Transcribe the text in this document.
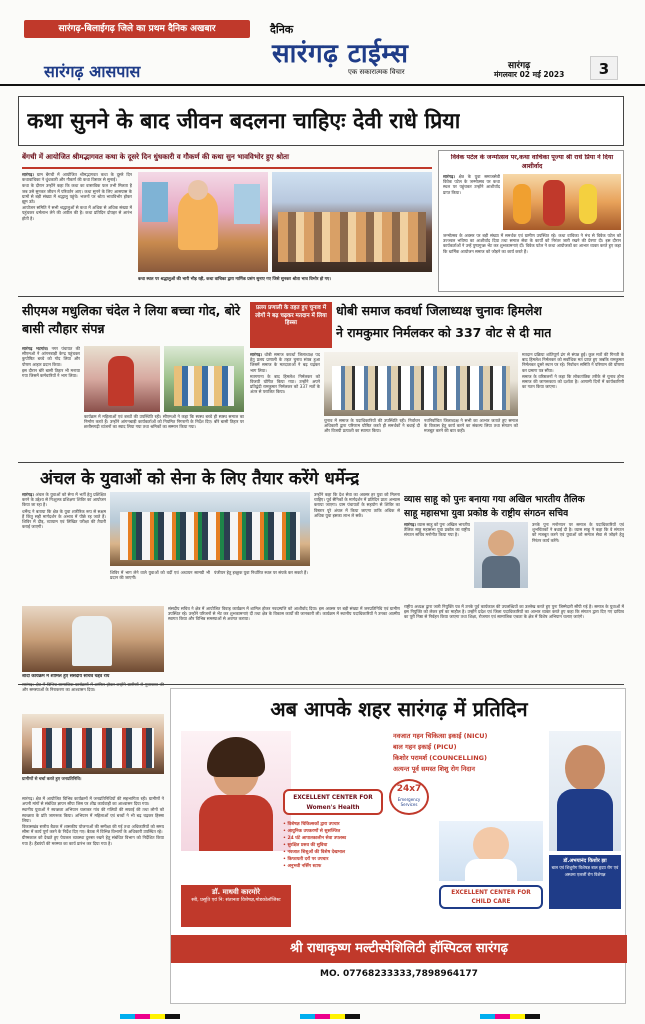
सारंगढ़-बिलाईगढ़ जिले का प्रथम दैनिक अखबार
सारंगढ़ आसपास
दैनिक
सारंगढ़ टाईम्स
एक सकारात्मक विचार
सारंगढ़
मंगलवार 02 मई 2023	3
कथा सुनने के बाद जीवन बदलना चाहिएः देवी राधे प्रिया
बेंगची में आयोजित श्रीमद्भागवत कथा के दूसरे दिन धुंधकारी व गौकर्ण की कथा सुन भावविभोर हुए श्रोता

सारंगढ़। ग्राम बेंगची में आयोजित श्रीमद्भागवत कथा के दूसरे दिन कथावाचिका ने धुंधकारी और गौकर्ण की कथा विस्तार से सुनाई।

कथा के दौरान उन्होंने कहा कि कथा का वास्तविक फल तभी मिलता है जब उसे सुनकर जीवन में परिवर्तन आए। कथा सुनने के लिए आसपास के ग्रामों से बड़ी संख्या में श्रद्धालु पहुंचे। भजनों पर श्रोता भावविभोर होकर झूम उठे।

आयोजन समिति ने सभी श्रद्धालुओं से कथा में अधिक से अधिक संख्या में पहुंचकर धर्मलाभ लेने की अपील की है। कथा प्रतिदिन दोपहर से आरंभ होती है।

कथा स्थल पर श्रद्धालुओं की भारी भीड़ रही, कथा वाचिका द्वारा मार्मिक प्रसंग सुनाए गए जिसे सुनकर श्रोता भाव विभोर हो गए।
विवेक पटेल के जन्मोत्सव पर,कथा वाचिका पूज्या श्री राधे प्रिया ने दिया आशीर्वाद

सारंगढ़। क्षेत्र के युवा समाजसेवी विवेक पटेल के जन्मोत्सव पर कथा स्थल पर पहुंचकर उन्होंने आशीर्वाद प्राप्त किया।

जन्मोत्सव के अवसर पर बड़ी संख्या में समर्थक एवं ग्रामीण उपस्थित रहे। कथा वाचिका ने मंच से विवेक पटेल को उज्ज्वल भविष्य का आशीर्वाद दिया तथा समाज सेवा के कार्यों को निरंतर जारी रखने की प्रेरणा दी। इस दौरान कार्यकर्ताओं ने उन्हें पुष्पगुच्छ भेंट कर शुभकामनाएं दीं। विवेक पटेल ने कथा आयोजकों का आभार व्यक्त करते हुए कहा कि धार्मिक आयोजन समाज को जोड़ने का कार्य करते हैं।

सीएमअ मधुलिका चंदेल ने लिया बच्चा गोद, बोरे बासी त्यौहार संपन्न

सारंगढ़ भटगांव। नगर पंचायत की सीएमओ ने आंगनबाड़ी केन्द्र पहुंचकर कुपोषित बच्चे को गोद लिया और पोषण आहार प्रदान किया।

इस दौरान बोरे बासी तिहार भी मनाया गया जिसमें कर्मचारियों ने भाग लिया।

कार्यक्रम में महिलाओं एवं बच्चों की उपस्थिति रही। सीएमओ ने कहा कि स्वस्थ बच्चे ही स्वस्थ समाज का निर्माण करते हैं। उन्होंने आंगनबाड़ी कार्यकर्ताओं को नियमित निगरानी के निर्देश दिए। बोरे बासी तिहार पर छत्तीसगढ़ी व्यंजनों का स्वाद लिया गया तथा श्रमिकों का सम्मान किया गया।

प्रलय प्रणाली के तहत हुए चुनाव में लोगों ने बढ़ चढ़कर मतदान में लिया हिस्सा
धोबी समाज कवर्धा जिलाध्यक्ष चुनावः हिमलेश
ने रामकुमार निर्मलकर को 337 वोट से दी मात

सारंगढ़। धोबी समाज कवर्धा जिलाध्यक्ष पद हेतु प्रलय प्रणाली के तहत चुनाव संपन्न हुआ जिसमें समाज के मतदाताओं ने बढ़ चढ़कर भाग लिया।

मतगणना के बाद हिमलेश निर्मलकर को विजयी घोषित किया गया। उन्होंने अपने प्रतिद्वंदी रामकुमार निर्मलकर को 337 मतों के अंतर से पराजित किया।

चुनाव में समाज के पदाधिकारियों की उपस्थिति रही। निर्वाचन अधिकारी द्वारा परिणाम घोषित करते ही समर्थकों ने बधाई दी और विजयी प्रत्याशी का स्वागत किया।

नवनिर्वाचित जिलाध्यक्ष ने सभी का आभार जताते हुए समाज के विकास हेतु कार्य करने का संकल्प लिया तथा संगठन को मजबूत करने की बात कही।

मतदान प्रक्रिया शांतिपूर्ण ढंग से संपन्न हुई। कुल मतों की गिनती के बाद हिमलेश निर्मलकर को सर्वाधिक मत प्राप्त हुए जबकि रामकुमार निर्मलकर दूसरे स्थान पर रहे। निर्वाचन समिति ने परिणाम की घोषणा कर प्रमाण पत्र सौंपा।

समाज के वरिष्ठजनों ने कहा कि लोकतांत्रिक तरीके से चुनाव होना समाज की जागरूकता को दर्शाता है। आगामी दिनों में कार्यकारिणी का गठन किया जाएगा।

अंचल के युवाओं को सेना के लिए तैयार करेंगे धर्मेन्द्र

सारंगढ़। अंचल के युवाओं को सेना में भर्ती हेतु प्रशिक्षित करने के उद्देश्य से निःशुल्क प्रशिक्षण शिविर का आयोजन किया जा रहा है।

धर्मेन्द्र ने बताया कि क्षेत्र के युवा शारीरिक रूप से सक्षम हैं किंतु सही मार्गदर्शन के अभाव में पीछे रह जाते हैं। शिविर में दौड़, व्यायाम एवं लिखित परीक्षा की तैयारी कराई जाएगी।

शिविर में भाग लेने वाले युवाओं को वर्दी एवं अध्ययन सामग्री भी प्रदान की जाएगी।

पंजीयन हेतु इच्छुक युवा निर्धारित स्थल पर संपर्क कर सकते हैं।

उन्होंने कहा कि देश सेवा का अवसर हर युवा को मिलना चाहिए। पूर्व सैनिकों के मार्गदर्शन में प्रतिदिन प्रातः अभ्यास कराया जाएगा। ग्राम पंचायतों के सहयोग से शिविर का विस्तार पूरे अंचल में किया जाएगा ताकि अधिक से अधिक युवा इसका लाभ ले सकें।

शादी कार्यक्रम में शामिल हुए संसदीय सचिव चंद्देव राय

संसदीय सचिव ने क्षेत्र में आयोजित विवाह कार्यक्रम में शामिल होकर नवदम्पत्ति को आशीर्वाद दिया। इस अवसर पर बड़ी संख्या में जनप्रतिनिधि एवं ग्रामीण उपस्थित रहे। उन्होंने परिजनों से भेंट कर शुभकामनाएं दीं तथा क्षेत्र के विकास कार्यों की जानकारी ली। कार्यक्रम में स्थानीय पदाधिकारियों ने उनका आत्मीय स्वागत किया और विभिन्न समस्याओं से अवगत कराया।

व्यास साहू को पुनः बनाया गया अखिल भारतीय तैलिक
साहू महासभा युवा प्रकोष्ठ के राष्ट्रीय संगठन सचिव

सारंगढ़। व्यास साहू को पुनः अखिल भारतीय तैलिक साहू महासभा युवा प्रकोष्ठ का राष्ट्रीय संगठन सचिव मनोनीत किया गया है।

उनके पुनः मनोनयन पर समाज के पदाधिकारियों एवं शुभचिंतकों ने बधाई दी है। व्यास साहू ने कहा कि वे संगठन को मजबूत करने एवं युवाओं को समाज सेवा से जोड़ने हेतु निरंतर कार्य करेंगे।

राष्ट्रीय अध्यक्ष द्वारा जारी नियुक्ति पत्र में उनके पूर्व कार्यकाल की उपलब्धियों का उल्लेख करते हुए पुनः जिम्मेदारी सौंपी गई है। समाज के युवाओं में इस नियुक्ति को लेकर हर्ष का माहौल है। उन्होंने प्रदेश एवं जिला पदाधिकारियों का आभार व्यक्त करते हुए कहा कि संगठन द्वारा दिए गए दायित्व का पूरी निष्ठा से निर्वहन किया जाएगा तथा शिक्षा, रोजगार एवं सामाजिक एकता के क्षेत्र में विशेष अभियान चलाए जाएंगे।

और समस्याओं के निराकरण का आश्वासन दिया।

ग्रामीणों से चर्चा करते हुए जनप्रतिनिधि।
अब आपके शहर सारंगढ़ में प्रतिदिन
EXCELLENT CENTER FOR Women's Health
24x7
Emergency Services
नवजात गहन चिकित्सा इकाई (NICU)
बाल गहन इकाई (PICU)
किशोर परामर्श (COUNCELLING)
अत्यन्त पूर्व समस्त शिशु रोग निदान
• विशेषज्ञ चिकित्सकों द्वारा उपचार
• आधुनिक उपकरणों से सुसज्जित
• 24 घंटे आपातकालीन सेवा उपलब्ध
• सुरक्षित प्रसव की सुविधा
• नवजात शिशुओं की विशेष देखभाल
• किफायती दरों पर उपचार
• अनुभवी नर्सिंग स्टाफ
EXCELLENT CENTER FOR CHILD CARE
डॉ. माधवी कारमोरे
स्त्री, प्रसूति एवं नि: संतानता विशेषज्ञ,मोडकोलॉजिस्ट
डॉ.अभयानंद किशोर झा
बाल एवं शिशुरोग विशेषज्ञ बाल हृदय रोग एवं अस्थमा एलर्जी रोग विशेषज्ञ
श्री राधाकृष्ण मल्टीस्पेशिलिटी हॉस्पिटल सारंगढ़
MO. 07768233333,7898964177

सारंगढ़। क्षेत्र में आयोजित विभिन्न कार्यक्रमों में जनप्रतिनिधियों की सहभागिता रही। ग्रामीणों ने अपनी मांगों से संबंधित ज्ञापन सौंपा जिस पर शीघ्र कार्यवाही का आश्वासन दिया गया।

स्थानीय युवाओं ने स्वच्छता अभियान चलाकर गांव की गलियों की सफाई की तथा लोगों को स्वच्छता के प्रति जागरूक किया। अभियान में महिलाओं एवं बच्चों ने भी बढ़ चढ़कर हिस्सा लिया।

विकासखंड स्तरीय बैठक में शासकीय योजनाओं की समीक्षा की गई तथा अधिकारियों को समय सीमा में कार्य पूर्ण करने के निर्देश दिए गए। बैठक में विभिन्न विभागों के अधिकारी उपस्थित रहे।

ग्रीष्मकाल को देखते हुए पेयजल व्यवस्था दुरुस्त रखने हेतु संबंधित विभाग को निर्देशित किया गया है। हैंडपंपों की मरम्मत का कार्य प्रारंभ कर दिया गया है।
